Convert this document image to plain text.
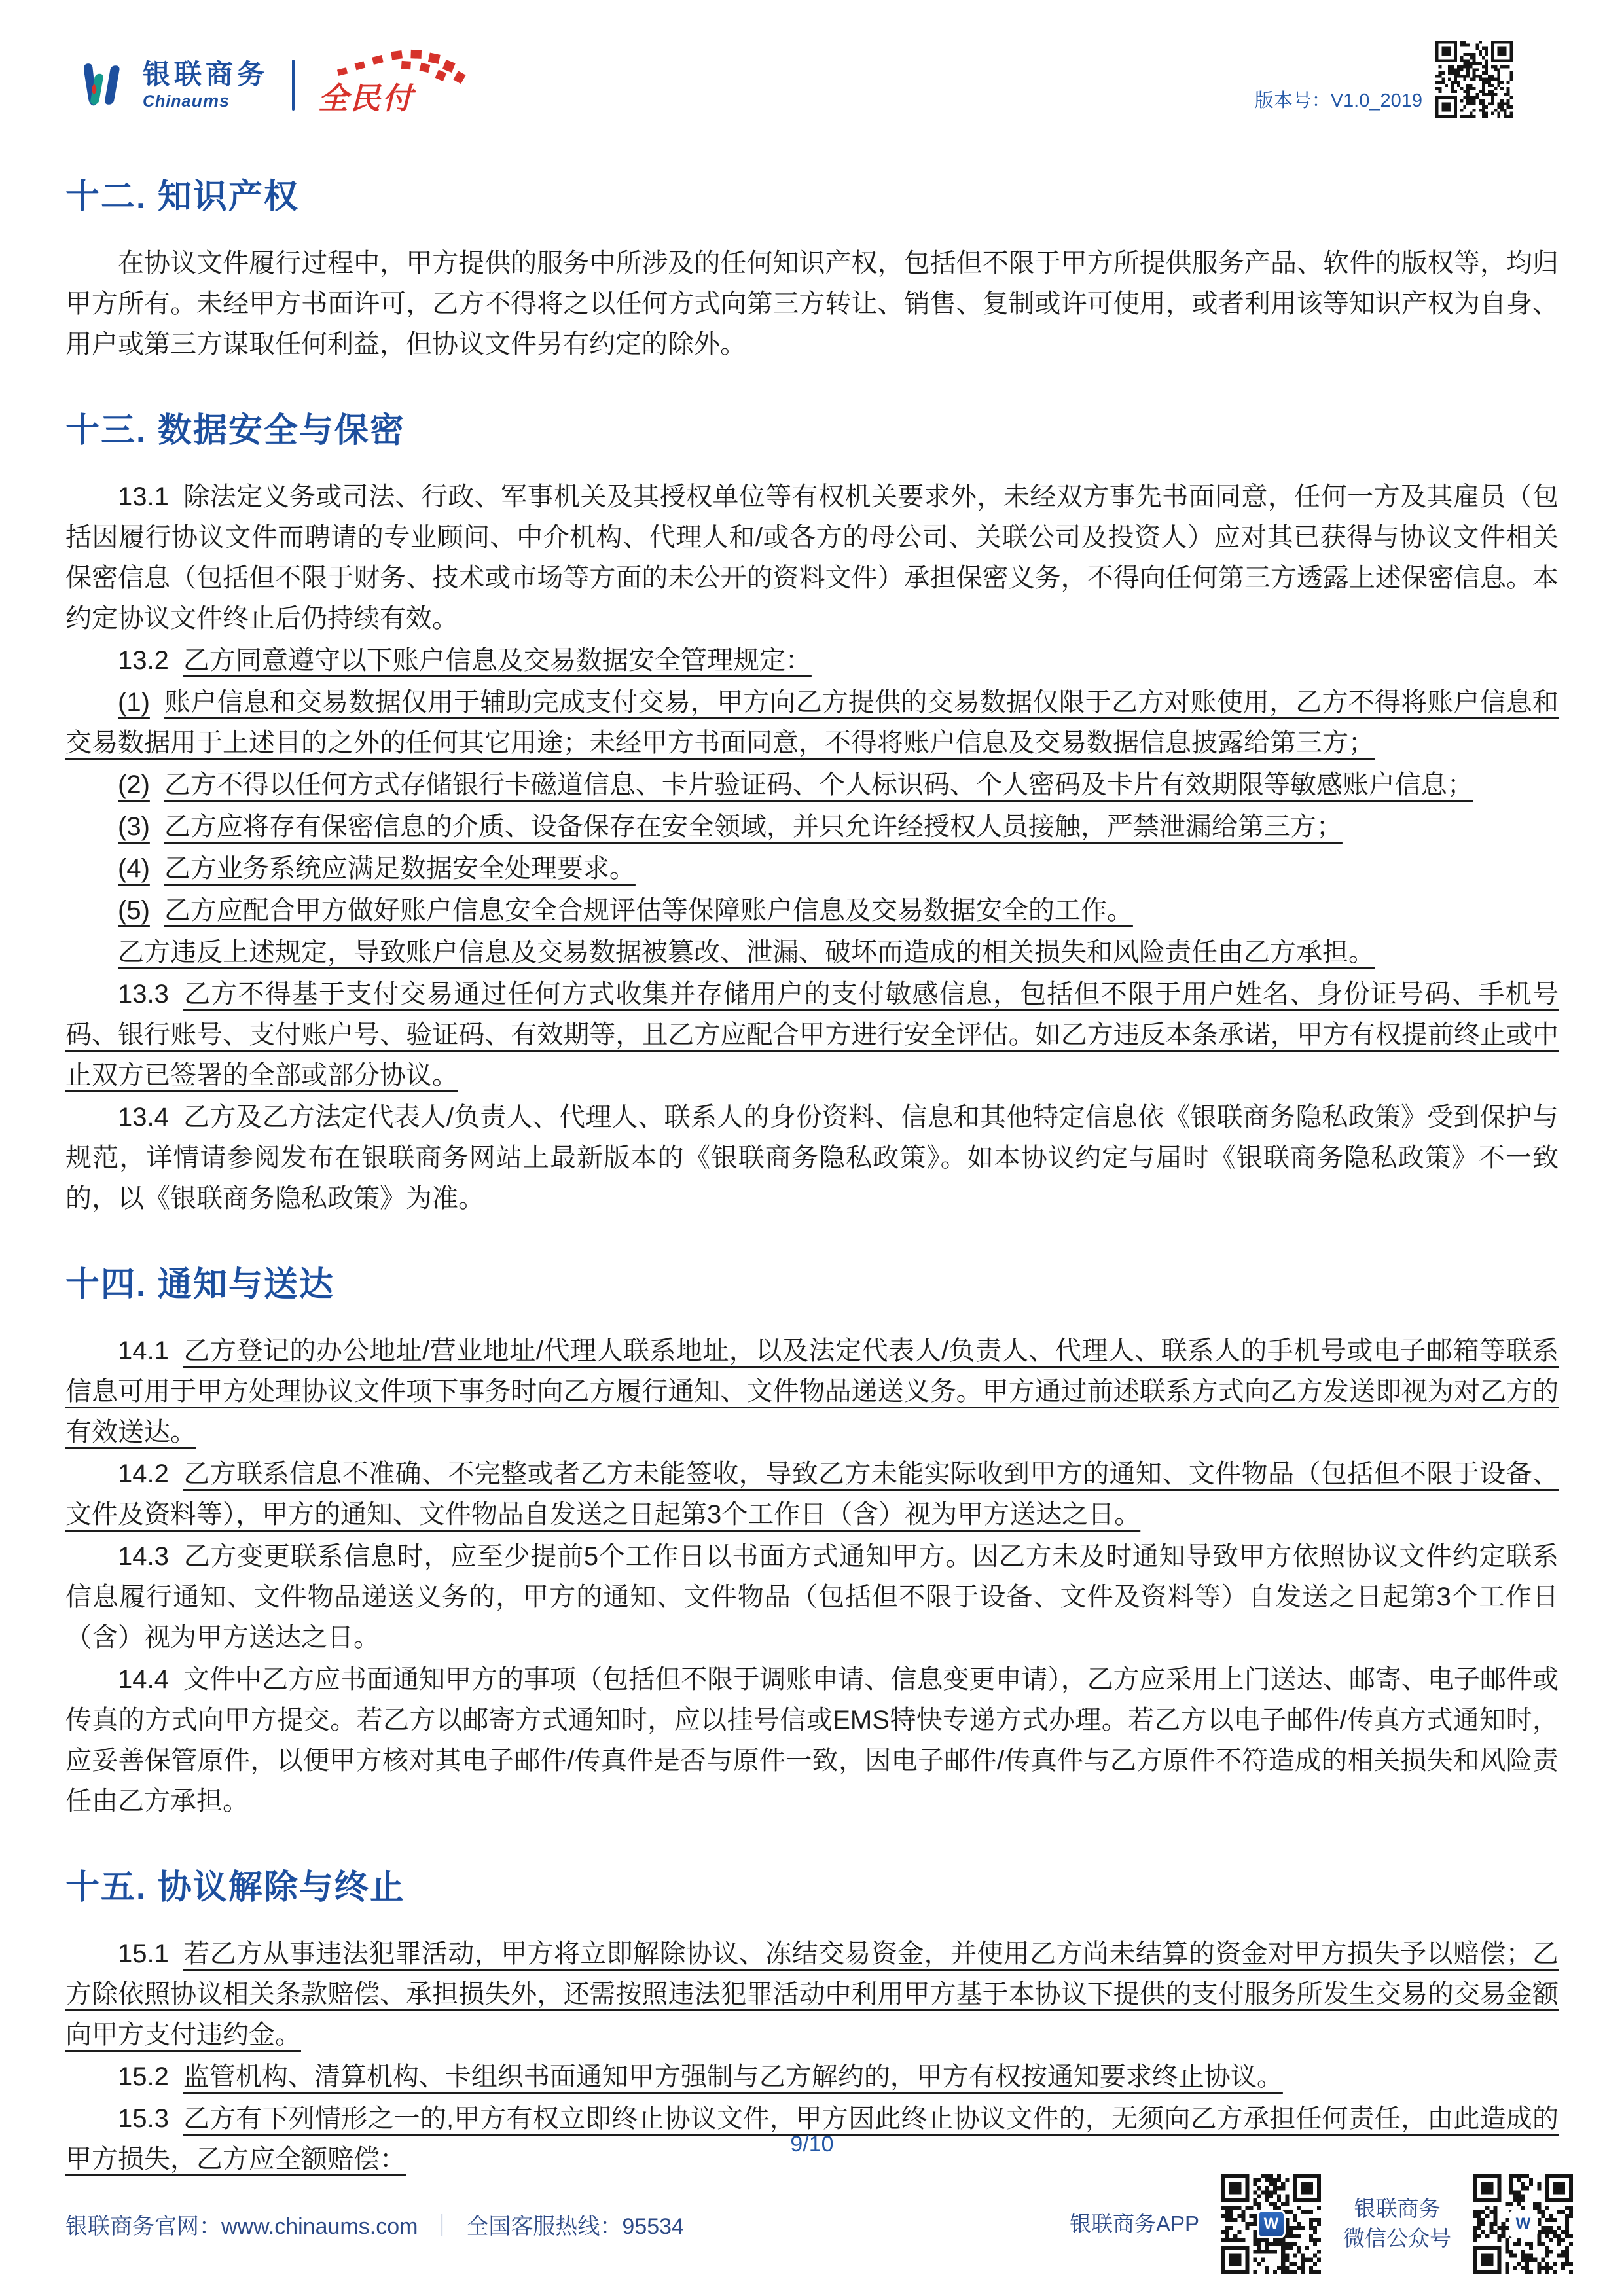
银联商务
Chinaums	全民付	版本号：V1.0_2019
十二. 知识产权

在协议文件履行过程中，甲方提供的服务中所涉及的任何知识产权，包括但不限于甲方所提供服务产品、软件的版权等，均归甲方所有。未经甲方书面许可，乙方不得将之以任何方式向第三方转让、销售、复制或许可使用，或者利用该等知识产权为自身、用户或第三方谋取任何利益，但协议文件另有约定的除外。

十三. 数据安全与保密

13.1 除法定义务或司法、行政、军事机关及其授权单位等有权机关要求外，未经双方事先书面同意，任何一方及其雇员（包括因履行协议文件而聘请的专业顾问、中介机构、代理人和/或各方的母公司、关联公司及投资人）应对其已获得与协议文件相关保密信息（包括但不限于财务、技术或市场等方面的未公开的资料文件）承担保密义务，不得向任何第三方透露上述保密信息。本约定协议文件终止后仍持续有效。

13.2 乙方同意遵守以下账户信息及交易数据安全管理规定：

(1) 账户信息和交易数据仅用于辅助完成支付交易，甲方向乙方提供的交易数据仅限于乙方对账使用，乙方不得将账户信息和交易数据用于上述目的之外的任何其它用途；未经甲方书面同意，不得将账户信息及交易数据信息披露给第三方；

(2) 乙方不得以任何方式存储银行卡磁道信息、卡片验证码、个人标识码、个人密码及卡片有效期限等敏感账户信息；

(3) 乙方应将存有保密信息的介质、设备保存在安全领域，并只允许经授权人员接触，严禁泄漏给第三方；

(4) 乙方业务系统应满足数据安全处理要求。

(5) 乙方应配合甲方做好账户信息安全合规评估等保障账户信息及交易数据安全的工作。

乙方违反上述规定，导致账户信息及交易数据被篡改、泄漏、破坏而造成的相关损失和风险责任由乙方承担。

13.3 乙方不得基于支付交易通过任何方式收集并存储用户的支付敏感信息，包括但不限于用户姓名、身份证号码、手机号码、银行账号、支付账户号、验证码、有效期等，且乙方应配合甲方进行安全评估。如乙方违反本条承诺，甲方有权提前终止或中止双方已签署的全部或部分协议。

13.4 乙方及乙方法定代表人/负责人、代理人、联系人的身份资料、信息和其他特定信息依《银联商务隐私政策》受到保护与规范，详情请参阅发布在银联商务网站上最新版本的《银联商务隐私政策》。如本协议约定与届时《银联商务隐私政策》不一致的，以《银联商务隐私政策》为准。

十四. 通知与送达

14.1 乙方登记的办公地址/营业地址/代理人联系地址，以及法定代表人/负责人、代理人、联系人的手机号或电子邮箱等联系信息可用于甲方处理协议文件项下事务时向乙方履行通知、文件物品递送义务。甲方通过前述联系方式向乙方发送即视为对乙方的有效送达。

14.2 乙方联系信息不准确、不完整或者乙方未能签收，导致乙方未能实际收到甲方的通知、文件物品（包括但不限于设备、文件及资料等），甲方的通知、文件物品自发送之日起第3个工作日（含）视为甲方送达之日。

14.3 乙方变更联系信息时，应至少提前5个工作日以书面方式通知甲方。因乙方未及时通知导致甲方依照协议文件约定联系信息履行通知、文件物品递送义务的，甲方的通知、文件物品（包括但不限于设备、文件及资料等）自发送之日起第3个工作日（含）视为甲方送达之日。

14.4 文件中乙方应书面通知甲方的事项（包括但不限于调账申请、信息变更申请），乙方应采用上门送达、邮寄、电子邮件或传真的方式向甲方提交。若乙方以邮寄方式通知时，应以挂号信或EMS特快专递方式办理。若乙方以电子邮件/传真方式通知时，应妥善保管原件，以便甲方核对其电子邮件/传真件是否与原件一致，因电子邮件/传真件与乙方原件不符造成的相关损失和风险责任由乙方承担。

十五. 协议解除与终止

15.1 若乙方从事违法犯罪活动，甲方将立即解除协议、冻结交易资金，并使用乙方尚未结算的资金对甲方损失予以赔偿；乙方除依照协议相关条款赔偿、承担损失外，还需按照违法犯罪活动中利用甲方基于本协议下提供的支付服务所发生交易的交易金额向甲方支付违约金。

15.2 监管机构、清算机构、卡组织书面通知甲方强制与乙方解约的，甲方有权按通知要求终止协议。

15.3 乙方有下列情形之一的,甲方有权立即终止协议文件，甲方因此终止协议文件的，无须向乙方承担任何责任，由此造成的甲方损失，乙方应全额赔偿：

9/10
银联商务官网：www.chinaums.com ｜ 全国客服热线：95534	银联商务APP	W
银联商务
微信公众号
W
